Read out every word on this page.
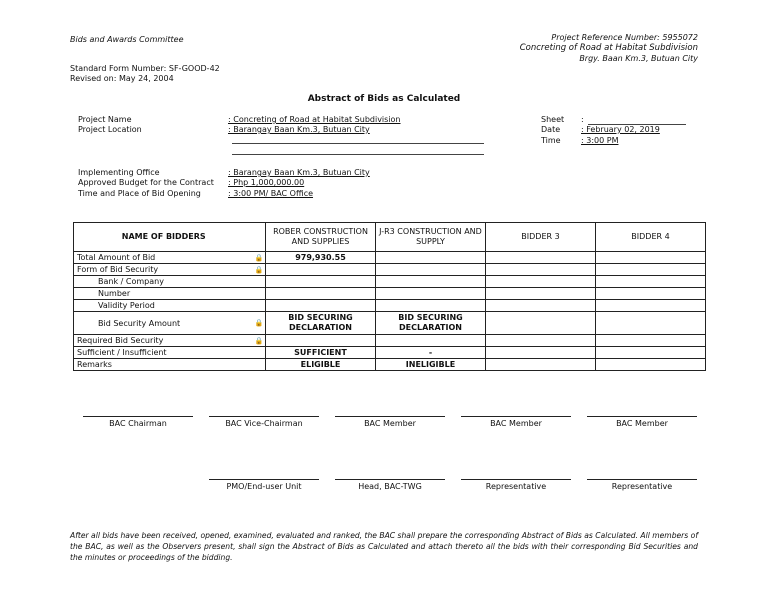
Bids and Awards Committee	Project Reference Number: 5955072
Concreting of Road at Habitat Subdivision
Brgy. Baan Km.3, Butuan City
Standard Form Number: SF-GOOD-42
Revised on: May 24, 2004
Abstract of Bids as Calculated
Project Name	: Concreting of Road at Habitat Subdivision
Project Location	: Barangay Baan Km.3, Butuan City
Sheet :
Date	: February 02, 2019
Time	: 3:00 PM
Implementing Office	: Barangay Baan Km.3, Butuan City
Approved Budget for the Contract : Php 1,000,000.00
Time and Place of Bid Opening	: 3:00 PM/ BAC Office
NAME OF BIDDERS		ROBER CONSTRUCTION AND SUPPLIES	J-R3 CONSTRUCTION AND SUPPLY	BIDDER 3	BIDDER 4
Total Amount of Bid	🔒	979,930.55			
Form of Bid Security	🔒				
Bank / Company					
Number					
Validity Period					
Bid Security Amount	🔒	BID SECURING DECLARATION	BID SECURING DECLARATION		
Required Bid Security	🔒				
Sufficient / Insufficient		SUFFICIENT	-		
Remarks		ELIGIBLE	INELIGIBLE		
BAC Chairman	BAC Vice-Chairman	BAC Member	BAC Member	BAC Member
PMO/End-user Unit	Head, BAC-TWG	Representative	Representative
After all bids have been received, opened, examined, evaluated and ranked, the BAC shall prepare the corresponding Abstract of Bids as Calculated. All members of the BAC, as well as the Observers present, shall sign the Abstract of Bids as Calculated and attach thereto all the bids with their corresponding Bid Securities and the minutes or proceedings of the bidding.
